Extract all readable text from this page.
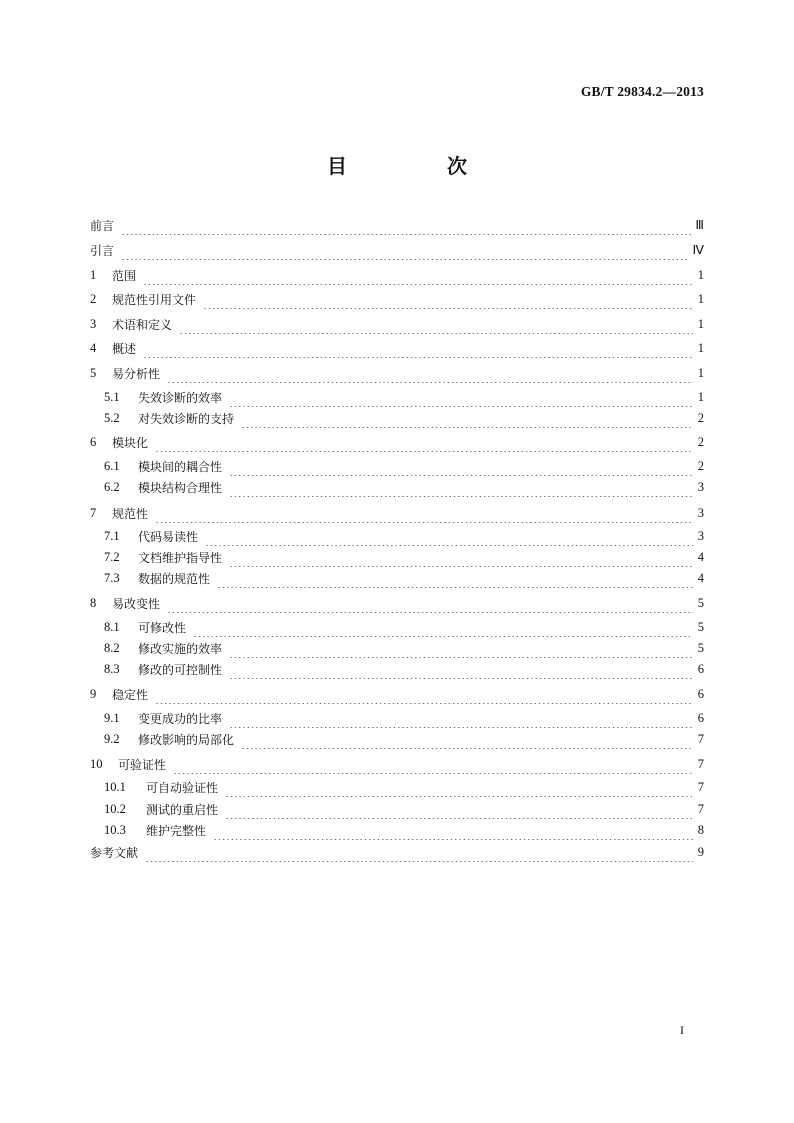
GB/T 29834.2—2013
目　次
前言	Ⅲ
引言	Ⅳ
1	范围	1
2	规范性引用文件	1
3	术语和定义	1
4	概述	1
5	易分析性	1
5.1	失效诊断的效率	1
5.2	对失效诊断的支持	2
6	模块化	2
6.1	模块间的耦合性	2
6.2	模块结构合理性	3
7	规范性	3
7.1	代码易读性	3
7.2	文档维护指导性	4
7.3	数据的规范性	4
8	易改变性	5
8.1	可修改性	5
8.2	修改实施的效率	5
8.3	修改的可控制性	6
9	稳定性	6
9.1	变更成功的比率	6
9.2	修改影响的局部化	7
10	可验证性	7
10.1	可自动验证性	7
10.2	测试的重启性	7
10.3	维护完整性	8
参考文献	9
I
